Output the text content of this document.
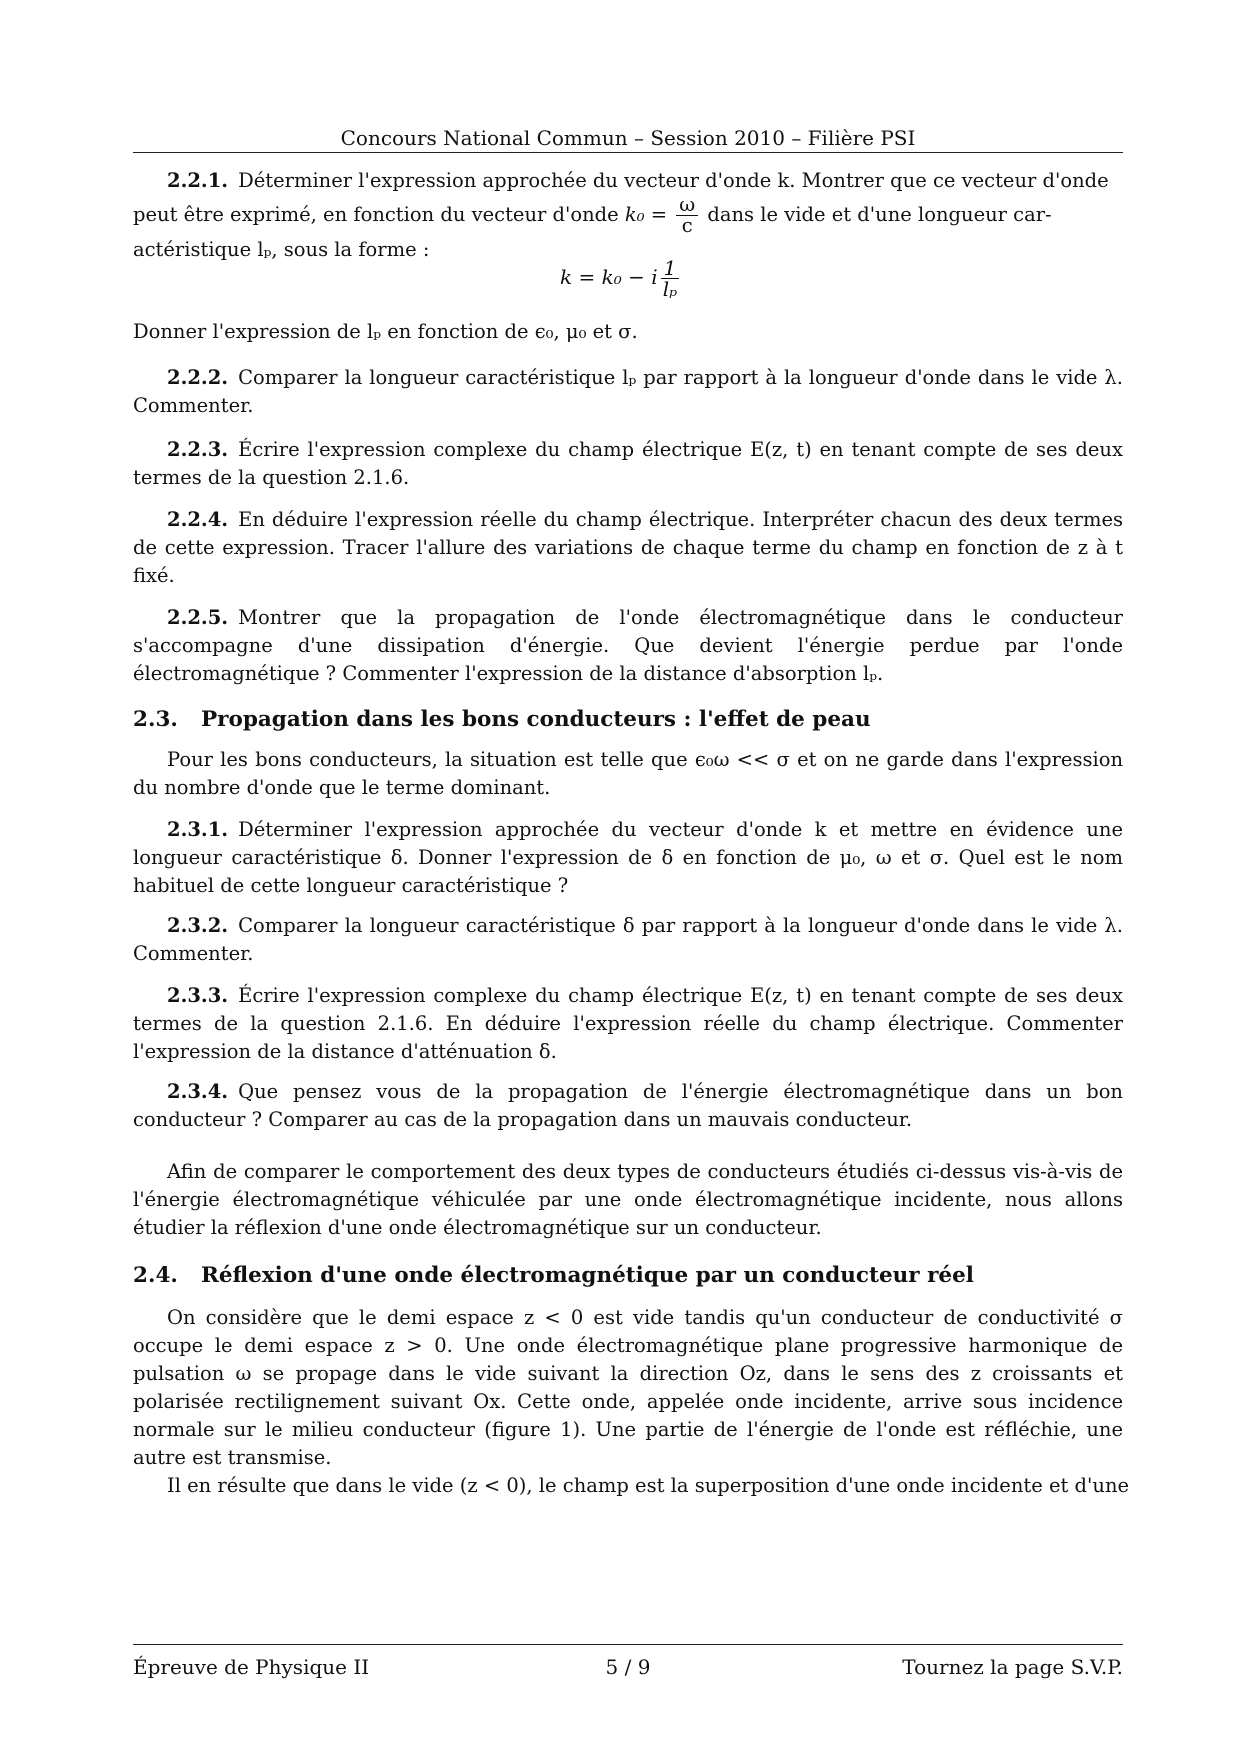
Concours National Commun – Session 2010 – Filière PSI

2.2.1. Déterminer l'expression approchée du vecteur d'onde k. Montrer que ce vecteur d'onde

peut être exprimé, en fonction du vecteur d'onde $k_0 = \frac{\omega}{c}$ dans le vide et d'une longueur car-

actéristique lₚ, sous la forme :

k = k₀ − i $\frac{1}{\text{lₚ}}$

Donner l'expression de lₚ en fonction de ϵ₀, μ₀ et σ.

2.2.2. Comparer la longueur caractéristique lₚ par rapport à la longueur d'onde dans le vide λ. Commenter.

2.2.3. Écrire l'expression complexe du champ électrique E(z, t) en tenant compte de ses deux termes de la question 2.1.6.

2.2.4. En déduire l'expression réelle du champ électrique. Interpréter chacun des deux termes de cette expression. Tracer l'allure des variations de chaque terme du champ en fonction de z à t fixé.

2.2.5. Montrer que la propagation de l'onde électromagnétique dans le conducteur s'accompagne d'une dissipation d'énergie. Que devient l'énergie perdue par l'onde électromagnétique ? Commenter l'expression de la distance d'absorption lₚ.

2.3. Propagation dans les bons conducteurs : l'effet de peau

Pour les bons conducteurs, la situation est telle que ϵ₀ω << σ et on ne garde dans l'expression du nombre d'onde que le terme dominant.

2.3.1. Déterminer l'expression approchée du vecteur d'onde k et mettre en évidence une longueur caractéristique δ. Donner l'expression de δ en fonction de μ₀, ω et σ. Quel est le nom habituel de cette longueur caractéristique ?

2.3.2. Comparer la longueur caractéristique δ par rapport à la longueur d'onde dans le vide λ. Commenter.

2.3.3. Écrire l'expression complexe du champ électrique E(z, t) en tenant compte de ses deux termes de la question 2.1.6. En déduire l'expression réelle du champ électrique. Commenter l'expression de la distance d'atténuation δ.

2.3.4. Que pensez vous de la propagation de l'énergie électromagnétique dans un bon conducteur ? Comparer au cas de la propagation dans un mauvais conducteur.

Afin de comparer le comportement des deux types de conducteurs étudiés ci-dessus vis-à-vis de l'énergie électromagnétique véhiculée par une onde électromagnétique incidente, nous allons étudier la réflexion d'une onde électromagnétique sur un conducteur.

2.4. Réflexion d'une onde électromagnétique par un conducteur réel

On considère que le demi espace z < 0 est vide tandis qu'un conducteur de conductivité σ occupe le demi espace z > 0. Une onde électromagnétique plane progressive harmonique de pulsation ω se propage dans le vide suivant la direction Oz, dans le sens des z croissants et polarisée rectilignement suivant Ox. Cette onde, appelée onde incidente, arrive sous incidence normale sur le milieu conducteur (figure 1). Une partie de l'énergie de l'onde est réfléchie, une autre est transmise.

Il en résulte que dans le vide (z < 0), le champ est la superposition d'une onde incidente et d'une

Épreuve de Physique II	5 / 9	Tournez la page S.V.P.
